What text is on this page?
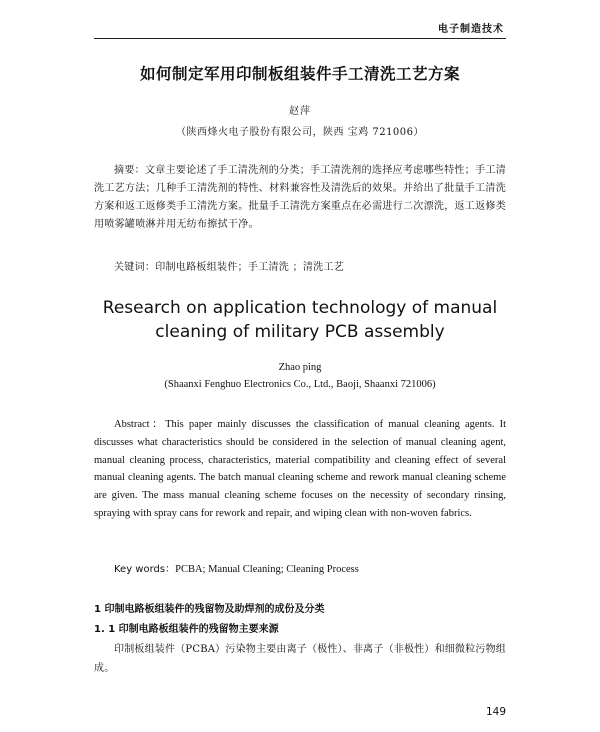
电子制造技术
如何制定军用印制板组装件手工清洗工艺方案
赵萍
（陕西烽火电子股份有限公司，陕西 宝鸡 721006）
摘要：文章主要论述了手工清洗剂的分类；手工清洗剂的选择应考虑哪些特性；手工清洗工艺方法；几种手工清洗剂的特性、材料兼容性及清洗后的效果。并给出了批量手工清洗方案和返工返修类手工清洗方案。批量手工清洗方案重点在必需进行二次漂洗，返工返修类用喷雾罐喷淋并用无纺布擦拭干净。
关键词：印制电路板组装件；手工清洗 ；清洗工艺
Research on application technology of manual cleaning of military PCB assembly
Zhao ping
(Shaanxi Fenghuo Electronics Co., Ltd., Baoji, Shaanxi 721006)
Abstract：This paper mainly discusses the classification of manual cleaning agents. It discusses what characteristics should be considered in the selection of manual cleaning agent, manual cleaning process, characteristics, material compatibility and cleaning effect of several manual cleaning agents. The batch manual cleaning scheme and rework manual cleaning scheme are given. The mass manual cleaning scheme focuses on the necessity of secondary rinsing, spraying with spray cans for rework and repair, and wiping clean with non-woven fabrics.
Key words：PCBA; Manual Cleaning; Cleaning Process
1 印制电路板组装件的残留物及助焊剂的成份及分类
1. 1 印制电路板组装件的残留物主要来源
印制板组装件（PCBA）污染物主要由离子（极性）、非离子（非极性）和细微粒污物组成。
149
